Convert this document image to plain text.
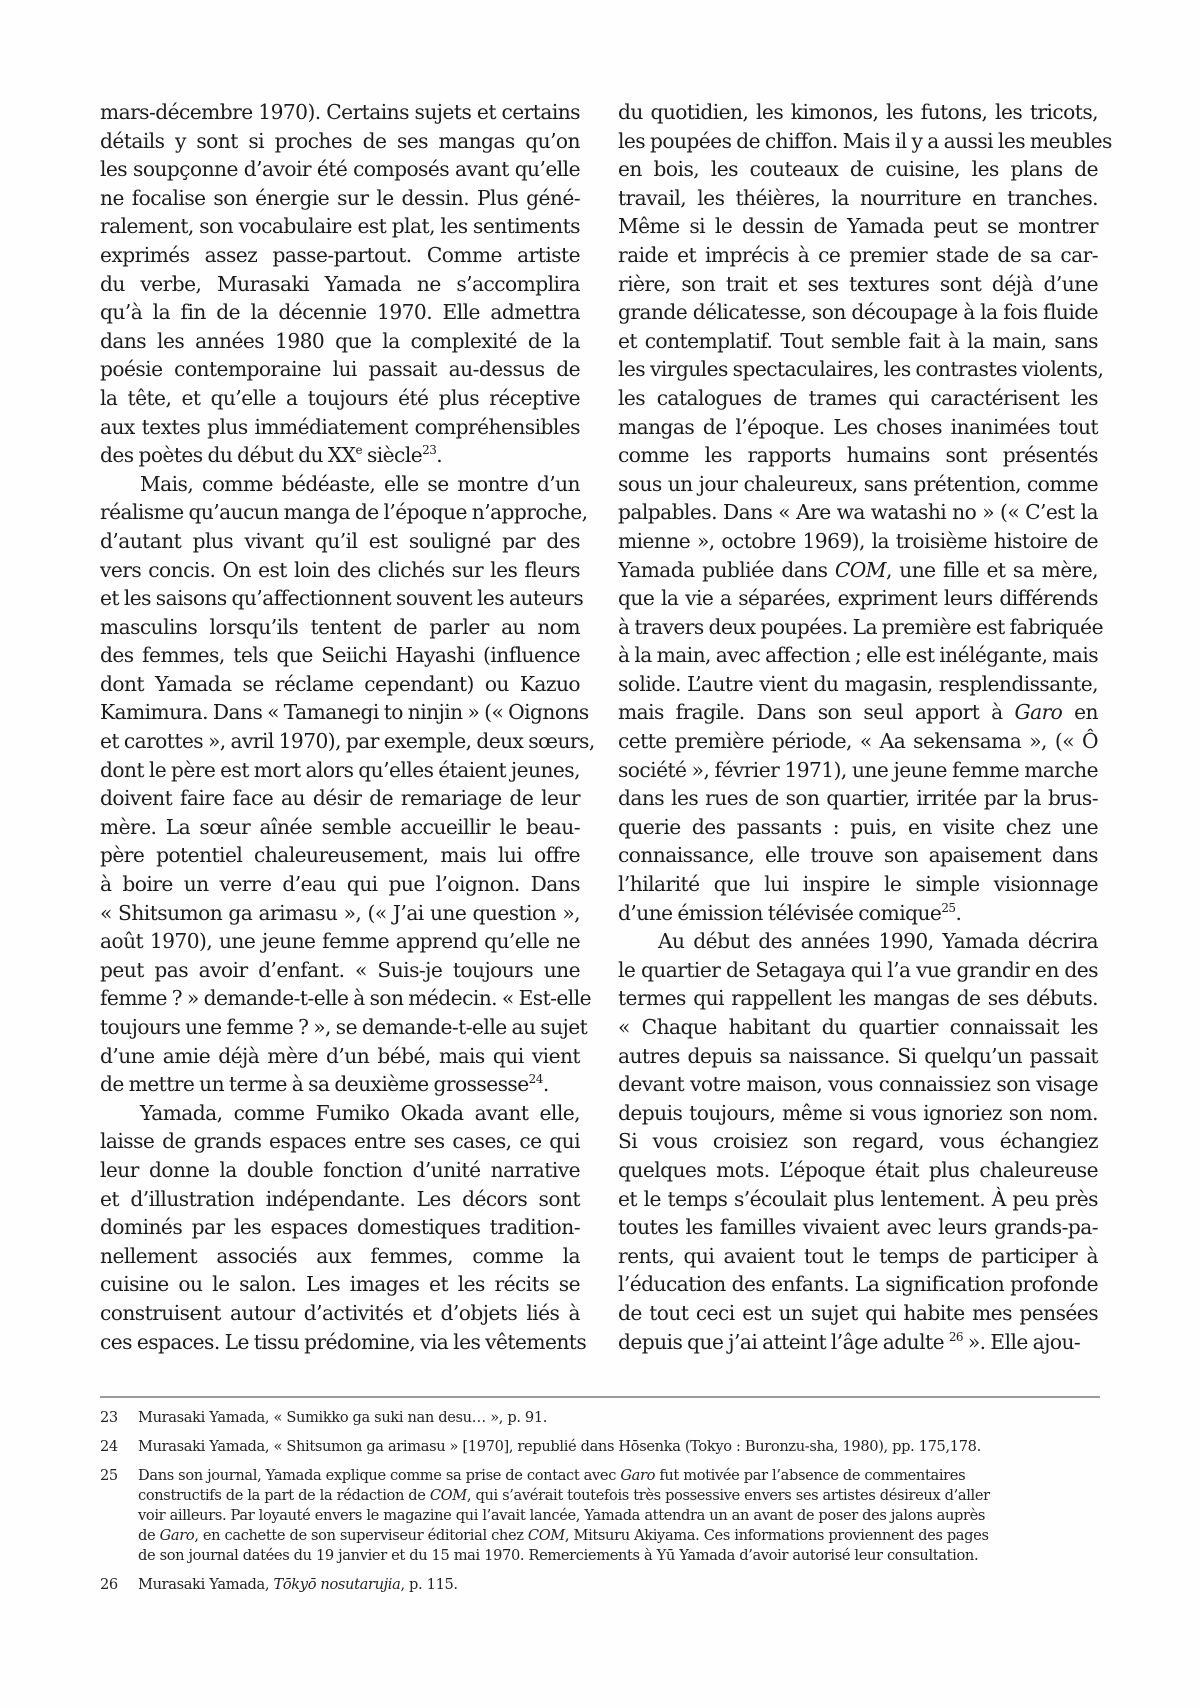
mars-décembre 1970). Certains sujets et certains
détails y sont si proches de ses mangas qu’on
les soupçonne d’avoir été composés avant qu’elle
ne focalise son énergie sur le dessin. Plus géné-
ralement, son vocabulaire est plat, les sentiments
exprimés assez passe-partout. Comme artiste
du verbe, Murasaki Yamada ne s’accomplira
qu’à la fin de la décennie 1970. Elle admettra
dans les années 1980 que la complexité de la
poésie contemporaine lui passait au-dessus de
la tête, et qu’elle a toujours été plus réceptive
aux textes plus immédiatement compréhensibles
des poètes du début du XXe siècle$^{23}$.
Mais, comme bédéaste, elle se montre d’un
réalisme qu’aucun manga de l’époque n’approche,
d’autant plus vivant qu’il est souligné par des
vers concis. On est loin des clichés sur les fleurs
et les saisons qu’affectionnent souvent les auteurs
masculins lorsqu’ils tentent de parler au nom
des femmes, tels que Seiichi Hayashi (influence
dont Yamada se réclame cependant) ou Kazuo
Kamimura. Dans « Tamanegi to ninjin » (« Oignons
et carottes », avril 1970), par exemple, deux sœurs,
dont le père est mort alors qu’elles étaient jeunes,
doivent faire face au désir de remariage de leur
mère. La sœur aînée semble accueillir le beau-
père potentiel chaleureusement, mais lui offre
à boire un verre d’eau qui pue l’oignon. Dans
« Shitsumon ga arimasu », (« J’ai une question »,
août 1970), une jeune femme apprend qu’elle ne
peut pas avoir d’enfant. « Suis-je toujours une
femme ? » demande-t-elle à son médecin. « Est-elle
toujours une femme ? », se demande-t-elle au sujet
d’une amie déjà mère d’un bébé, mais qui vient
de mettre un terme à sa deuxième grossesse$^{24}$.
Yamada, comme Fumiko Okada avant elle,
laisse de grands espaces entre ses cases, ce qui
leur donne la double fonction d’unité narrative
et d’illustration indépendante. Les décors sont
dominés par les espaces domestiques tradition-
nellement associés aux femmes, comme la
cuisine ou le salon. Les images et les récits se
construisent autour d’activités et d’objets liés à
ces espaces. Le tissu prédomine, via les vêtements
du quotidien, les kimonos, les futons, les tricots,
les poupées de chiffon. Mais il y a aussi les meubles
en bois, les couteaux de cuisine, les plans de
travail, les théières, la nourriture en tranches.
Même si le dessin de Yamada peut se montrer
raide et imprécis à ce premier stade de sa car-
rière, son trait et ses textures sont déjà d’une
grande délicatesse, son découpage à la fois fluide
et contemplatif. Tout semble fait à la main, sans
les virgules spectaculaires, les contrastes violents,
les catalogues de trames qui caractérisent les
mangas de l’époque. Les choses inanimées tout
comme les rapports humains sont présentés
sous un jour chaleureux, sans prétention, comme
palpables. Dans « Are wa watashi no » (« C’est la
mienne », octobre 1969), la troisième histoire de
Yamada publiée dans COM, une fille et sa mère,
que la vie a séparées, expriment leurs différends
à travers deux poupées. La première est fabriquée
à la main, avec affection ; elle est inélégante, mais
solide. L’autre vient du magasin, resplendissante,
mais fragile. Dans son seul apport à Garo en
cette première période, « Aa sekensama », (« Ô
société », février 1971), une jeune femme marche
dans les rues de son quartier, irritée par la brus-
querie des passants : puis, en visite chez une
connaissance, elle trouve son apaisement dans
l’hilarité que lui inspire le simple visionnage
d’une émission télévisée comique$^{25}$.
Au début des années 1990, Yamada décrira
le quartier de Setagaya qui l’a vue grandir en des
termes qui rappellent les mangas de ses débuts.
« Chaque habitant du quartier connaissait les
autres depuis sa naissance. Si quelqu’un passait
devant votre maison, vous connaissiez son visage
depuis toujours, même si vous ignoriez son nom.
Si vous croisiez son regard, vous échangiez
quelques mots. L’époque était plus chaleureuse
et le temps s’écoulait plus lentement. À peu près
toutes les familles vivaient avec leurs grands-pa-
rents, qui avaient tout le temps de participer à
l’éducation des enfants. La signification profonde
de tout ceci est un sujet qui habite mes pensées
depuis que j’ai atteint l’âge adulte $^{26}$ ». Elle ajou-
23	Murasaki Yamada, « Sumikko ga suki nan desu… », p. 91.
24	Murasaki Yamada, « Shitsumon ga arimasu » [1970], republié dans Hōsenka (Tokyo : Buronzu-sha, 1980), pp. 175,178.
25	Dans son journal, Yamada explique comme sa prise de contact avec Garo fut motivée par l’absence de commentaires
constructifs de la part de la rédaction de COM, qui s’avérait toutefois très possessive envers ses artistes désireux d’aller
voir ailleurs. Par loyauté envers le magazine qui l’avait lancée, Yamada attendra un an avant de poser des jalons auprès
de Garo, en cachette de son superviseur éditorial chez COM, Mitsuru Akiyama. Ces informations proviennent des pages
de son journal datées du 19 janvier et du 15 mai 1970. Remerciements à Yū Yamada d’avoir autorisé leur consultation.
26	Murasaki Yamada, Tōkyō nosutarujia, p. 115.
